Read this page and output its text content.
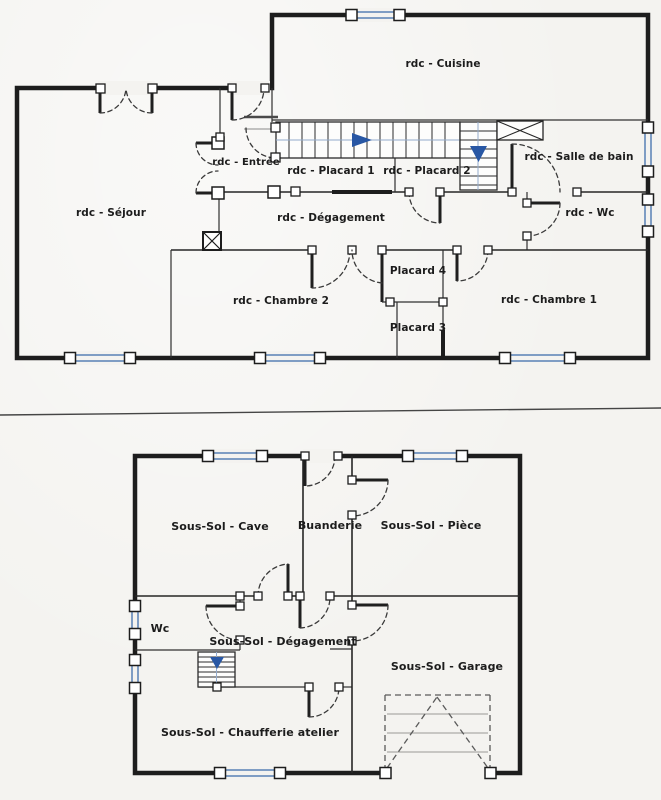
rdc - Cuisine
rdc - Salle de bain
rdc - Entrée
rdc - Placard 1 rdc - Placard 2
rdc - Séjour	rdc - Dégagement	rdc - Wc
rdc - Chambre 2
Placard 4
rdc - Chambre 1
Placard 3
Sous-Sol - Cave	Buanderie Sous-Sol - Pièce
Wc
Sous-Sol - Dégagement
Sous-Sol - Garage
Sous-Sol - Chaufferie atelier
